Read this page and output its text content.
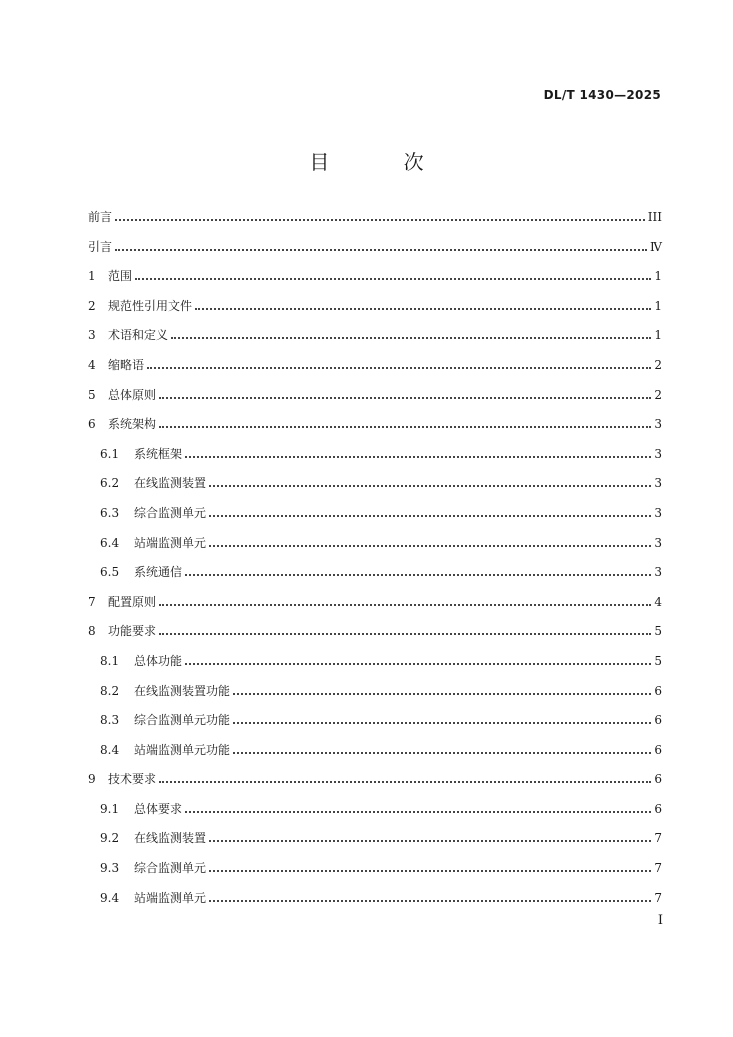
DL/T 1430—2025
目 次
前言	III
引言	Ⅳ
1	范围	1
2	规范性引用文件	1
3	术语和定义	1
4	缩略语	2
5	总体原则	2
6	系统架构	3
6.1	系统框架	3
6.2	在线监测装置	3
6.3	综合监测单元	3
6.4	站端监测单元	3
6.5	系统通信	3
7	配置原则	4
8	功能要求	5
8.1	总体功能	5
8.2	在线监测装置功能	6
8.3	综合监测单元功能	6
8.4	站端监测单元功能	6
9	技术要求	6
9.1	总体要求	6
9.2	在线监测装置	7
9.3	综合监测单元	7
9.4	站端监测单元	7
I
